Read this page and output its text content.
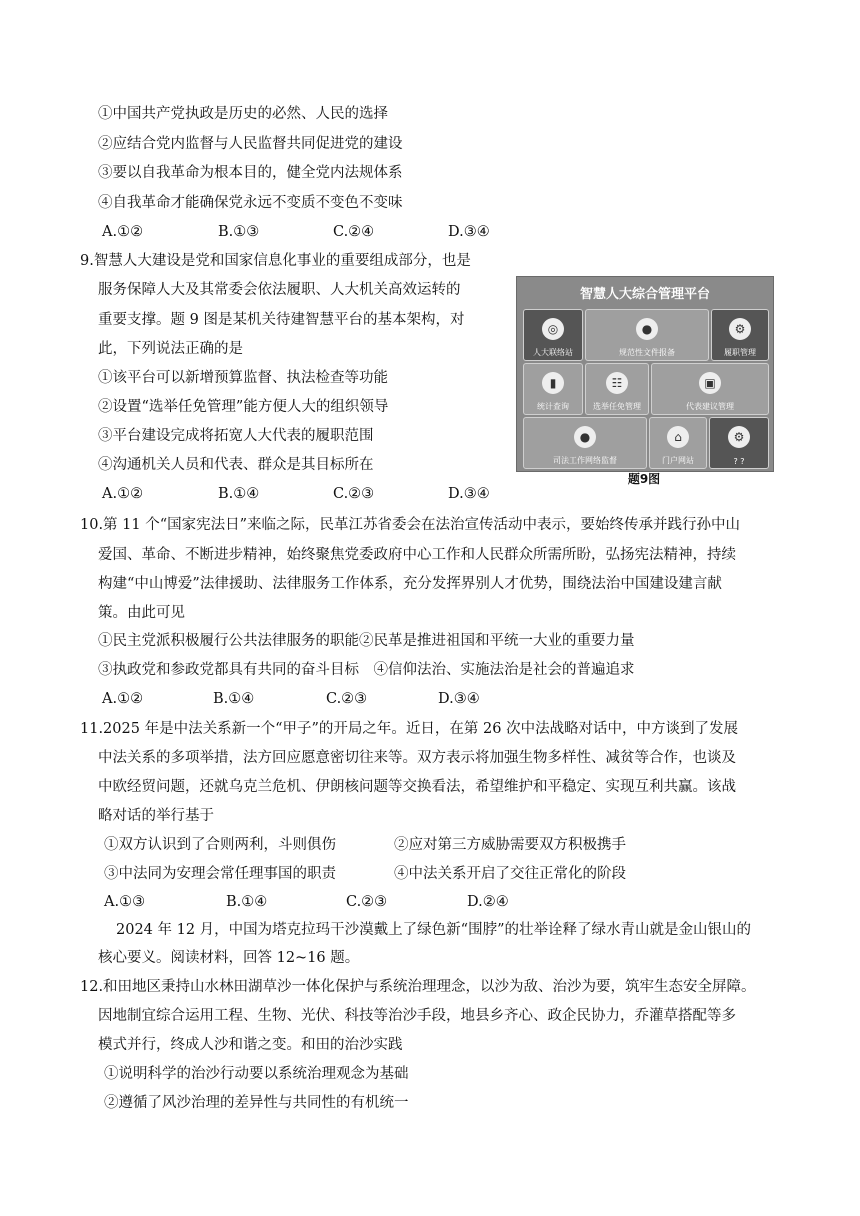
①中国共产党执政是历史的必然、人民的选择
②应结合党内监督与人民监督共同促进党的建设
③要以自我革命为根本目的，健全党内法规体系
④自我革命才能确保党永远不变质不变色不变味
9.智慧人大建设是党和国家信息化事业的重要组成部分，也是
服务保障人大及其常委会依法履职、人大机关高效运转的
重要支撑。题 9 图是某机关待建智慧平台的基本架构，对
此，下列说法正确的是
①该平台可以新增预算监督、执法检查等功能
②设置“选举任免管理”能方便人大的组织领导
③平台建设完成将拓宽人大代表的履职范围
④沟通机关人员和代表、群众是其目标所在
10.第 11 个“国家宪法日”来临之际，民革江苏省委会在法治宣传活动中表示，要始终传承并践行孙中山
爱国、革命、不断进步精神，始终聚焦党委政府中心工作和人民群众所需所盼，弘扬宪法精神，持续
构建“中山博爱”法律援助、法律服务工作体系，充分发挥界别人才优势，围绕法治中国建设建言献
策。由此可见
①民主党派积极履行公共法律服务的职能②民革是推进祖国和平统一大业的重要力量
③执政党和参政党都具有共同的奋斗目标　④信仰法治、实施法治是社会的普遍追求
11.2025 年是中法关系新一个“甲子”的开局之年。近日，在第 26 次中法战略对话中，中方谈到了发展
中法关系的多项举措，法方回应愿意密切往来等。双方表示将加强生物多样性、减贫等合作，也谈及
中欧经贸问题，还就乌克兰危机、伊朗核问题等交换看法，希望维护和平稳定、实现互利共赢。该战
略对话的举行基于
①双方认识到了合则两利，斗则俱伤	②应对第三方威胁需要双方积极携手
③中法同为安理会常任理事国的职责	④中法关系开启了交往正常化的阶段
2024 年 12 月，中国为塔克拉玛干沙漠戴上了绿色新“围脖”的壮举诠释了绿水青山就是金山银山的
核心要义。阅读材料，回答 12~16 题。
12.和田地区秉持山水林田湖草沙一体化保护与系统治理理念，以沙为敌、治沙为要，筑牢生态安全屏障。
因地制宜综合运用工程、生物、光伏、科技等治沙手段，地县乡齐心、政企民协力，乔灌草搭配等多
模式并行，终成人沙和谐之变。和田的治沙实践
①说明科学的治沙行动要以系统治理观念为基础
②遵循了风沙治理的差异性与共同性的有机统一
A.①②	B.①③	C.②④	D.③④
A.①②	B.①④	C.②③	D.③④
A.①②	B.①④	C.②③	D.③④
A.①③	B.①④	C.②③	D.②④
智慧人大综合管理平台
◎
人大联络站
●
规范性文件报备
⚙
履职管理
▮
统计查询
☷
选举任免管理
▣
代表建议管理
●
司法工作网络监督
⌂
门户网站
⚙
? ?
题9图
